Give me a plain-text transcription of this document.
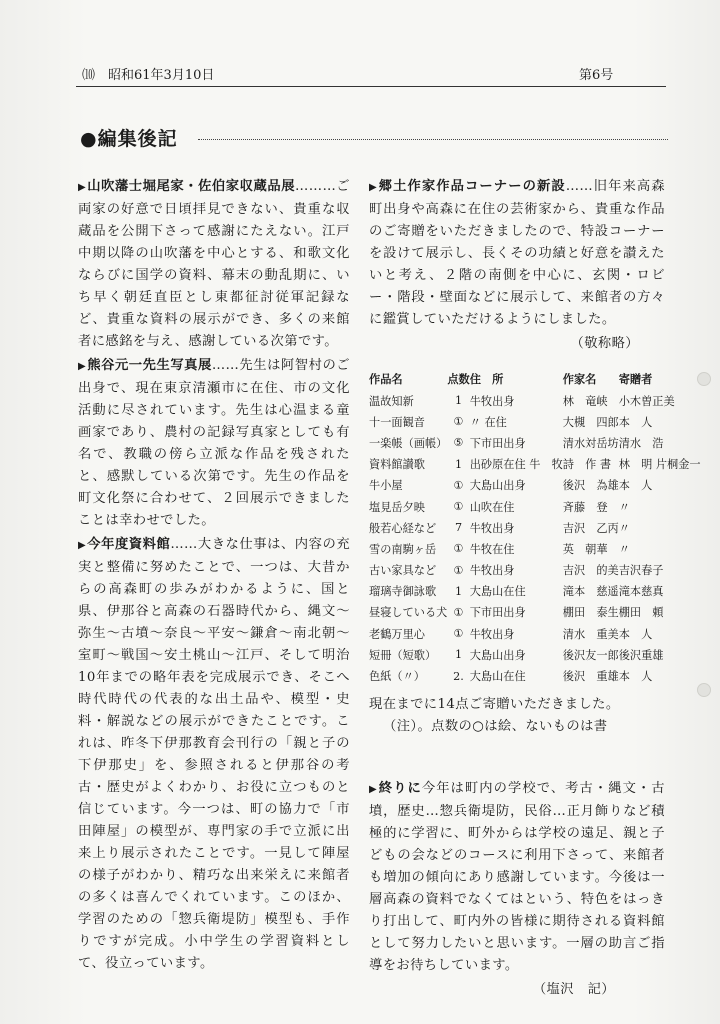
⑽　昭和61年3月10日	第6号
●編集後記

▶山吹藩士堀尾家・佐伯家収蔵品展………ご両家の好意で日頃拝見できない、貴重な収蔵品を公開下さって感謝にたえない。江戸中期以降の山吹藩を中心とする、和歌文化ならびに国学の資料、幕末の動乱期に、いち早く朝廷直臣とし東都征討従軍記録など、貴重な資料の展示ができ、多くの来館者に感銘を与え、感謝している次第です。

▶熊谷元一先生写真展……先生は阿智村のご出身で、現在東京清瀬市に在住、市の文化活動に尽されています。先生は心温まる童画家であり、農村の記録写真家としても有名で、教職の傍ら立派な作品を残されたと、感默している次第です。先生の作品を町文化祭に合わせて、２回展示できましたことは幸わせでした。

▶今年度資料館……大きな仕事は、内容の充実と整備に努めたことで、一つは、大昔からの高森町の歩みがわかるように、国と県、伊那谷と高森の石器時代から、縄文〜弥生〜古墳〜奈良〜平安〜鎌倉〜南北朝〜室町〜戦国〜安土桃山〜江戸、そして明治10年までの略年表を完成展示でき、そこへ時代時代の代表的な出土品や、模型・史料・解説などの展示ができたことです。これは、昨冬下伊那教育会刊行の「親と子の下伊那史」を、参照されると伊那谷の考古・歴史がよくわかり、お役に立つものと信じています。今一つは、町の協力で「市田陣屋」の模型が、専門家の手で立派に出来上り展示されたことです。一見して陣屋の様子がわかり、精巧な出来栄えに来館者の多くは喜んでくれています。このほか、学習のための「惣兵衛堤防」模型も、手作りですが完成。小中学生の学習資料として、役立っています。

▶郷土作家作品コーナーの新設……旧年来高森町出身や高森に在住の芸術家から、貴重な作品のご寄贈をいただきましたので、特設コーナーを設けて展示し、長くその功績と好意を讃えたいと考え、２階の南側を中心に、玄関・ロビー・階段・壁面などに展示して、来館者の方々に鑑賞していただけるようにしました。

（敬称略）
作品名	点数	住　所	作家名	寄贈者
温故知新	1	牛牧出身	林　竜峡	小木曽正美
十一面観音	①	〃 在住	大槻　四郎	本　人
一楽帳（画帳）	⑤	下市田出身	清水対岳坊	清水　浩
資料館讃歌	1	出砂原在住 牛　牧	詩　作 書	林　明 片桐金一
牛小屋	①	大島山出身	後沢　為雄	本　人
塩見岳夕映	①	山吹在住	斉藤　登	〃
般若心経など	7	牛牧出身	吉沢　乙丙	〃
雪の南駒ヶ岳	①	牛牧在住	英　朝華	〃
古い家具など	①	牛牧出身	吉沢　的美	吉沢春子
瑠璃寺御詠歌	1	大島山在住	滝本　慈遥	滝本慈真
昼寝している犬	①	下市田出身	棚田　泰生	棚田　頼
老鶴万里心	①	牛牧出身	清水　重美	本　人
短冊（短歌）	1	大島山出身	後沢友一郎	後沢重雄
色紙（〃）	2.	大島山在住	後沢　重雄	本　人

現在までに14点ご寄贈いただきました。

（注）。点数の○は絵、ないものは書

▶終りに今年は町内の学校で、考古・縄文・古墳，歴史…惣兵衛堤防，民俗…正月飾りなど積極的に学習に、町外からは学校の遠足、親と子どもの会などのコースに利用下さって、来館者も増加の傾向にあり感謝しています。今後は一層高森の資料でなくてはという、特色をはっきり打出して、町内外の皆様に期待される資料館として努力したいと思います。一層の助言ご指導をお待ちしています。

（塩沢　記）
